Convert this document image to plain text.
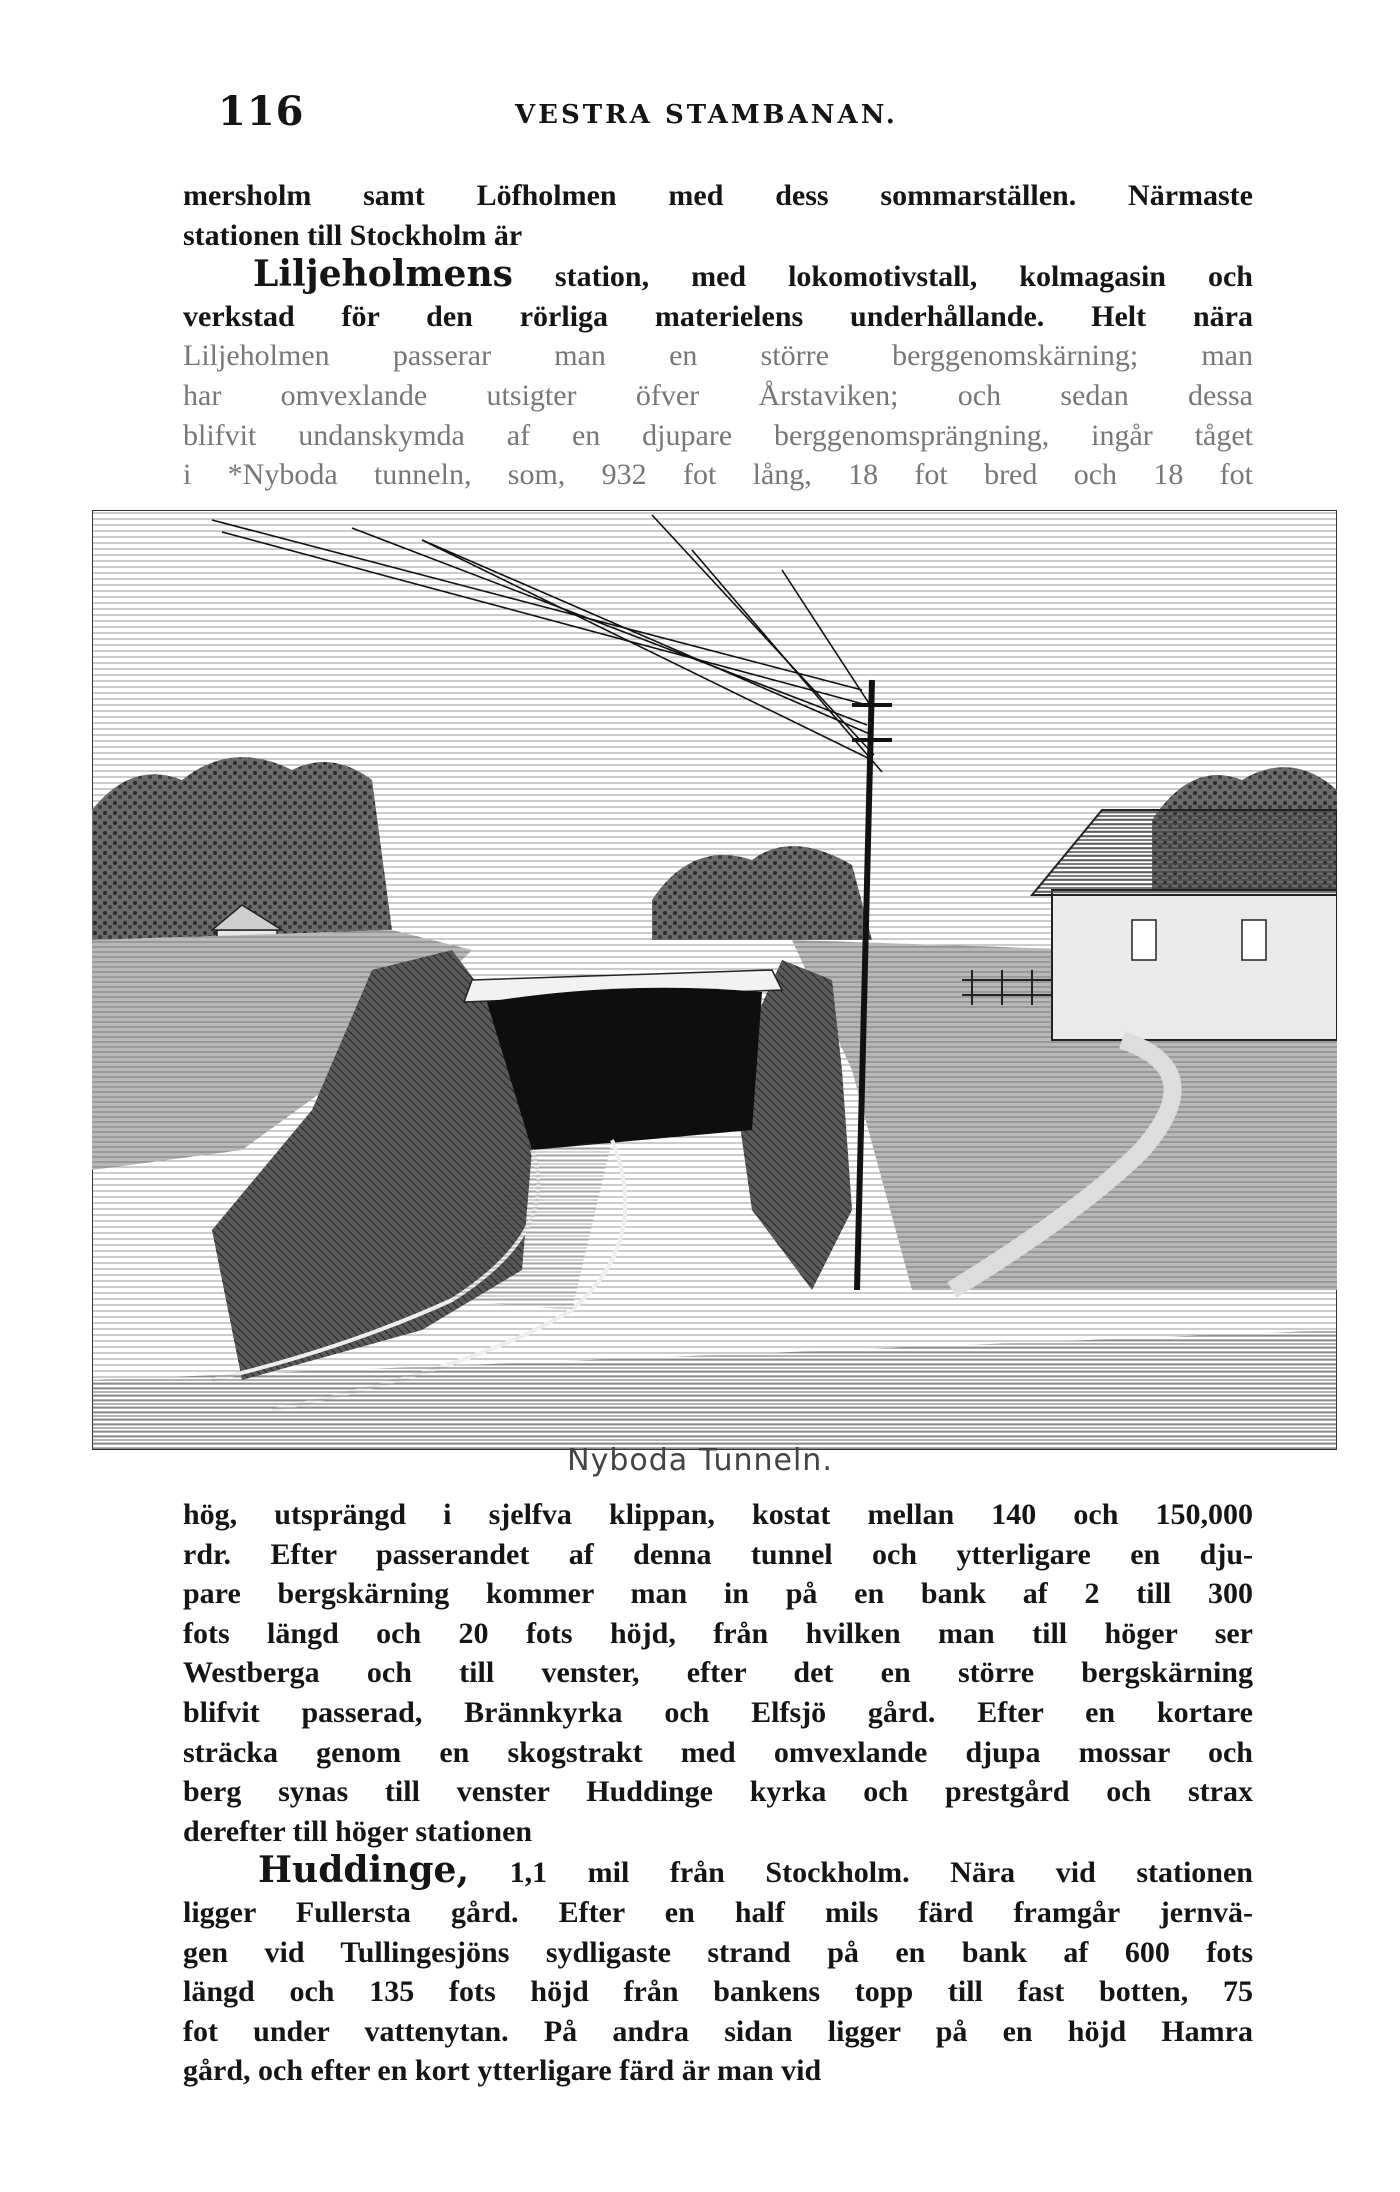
116	VESTRA STAMBANAN.
mersholm samt Löfholmen med dess sommarställen. Närmaste
stationen till Stockholm är
Liljeholmens station, med lokomotivstall, kolmagasin och
verkstad för den rörliga materielens underhållande. Helt nära
Liljeholmen passerar man en större berggenomskärning; man
har omvexlande utsigter öfver Årstaviken; och sedan dessa
blifvit undanskymda af en djupare berggenomsprängning, ingår tåget
i *Nyboda tunneln, som, 932 fot lång, 18 fot bred och 18 fot
Nyboda Tunneln.
hög, utsprängd i sjelfva klippan, kostat mellan 140 och 150,000
rdr. Efter passerandet af denna tunnel och ytterligare en dju-
pare bergskärning kommer man in på en bank af 2 till 300
fots längd och 20 fots höjd, från hvilken man till höger ser
Westberga och till venster, efter det en större bergskärning
blifvit passerad, Brännkyrka och Elfsjö gård. Efter en kortare
sträcka genom en skogstrakt med omvexlande djupa mossar och
berg synas till venster Huddinge kyrka och prestgård och strax
derefter till höger stationen
Huddinge, 1,1 mil från Stockholm. Nära vid stationen
ligger Fullersta gård. Efter en half mils färd framgår jernvä-
gen vid Tullingesjöns sydligaste strand på en bank af 600 fots
längd och 135 fots höjd från bankens topp till fast botten, 75
fot under vattenytan. På andra sidan ligger på en höjd Hamra
gård, och efter en kort ytterligare färd är man vid
